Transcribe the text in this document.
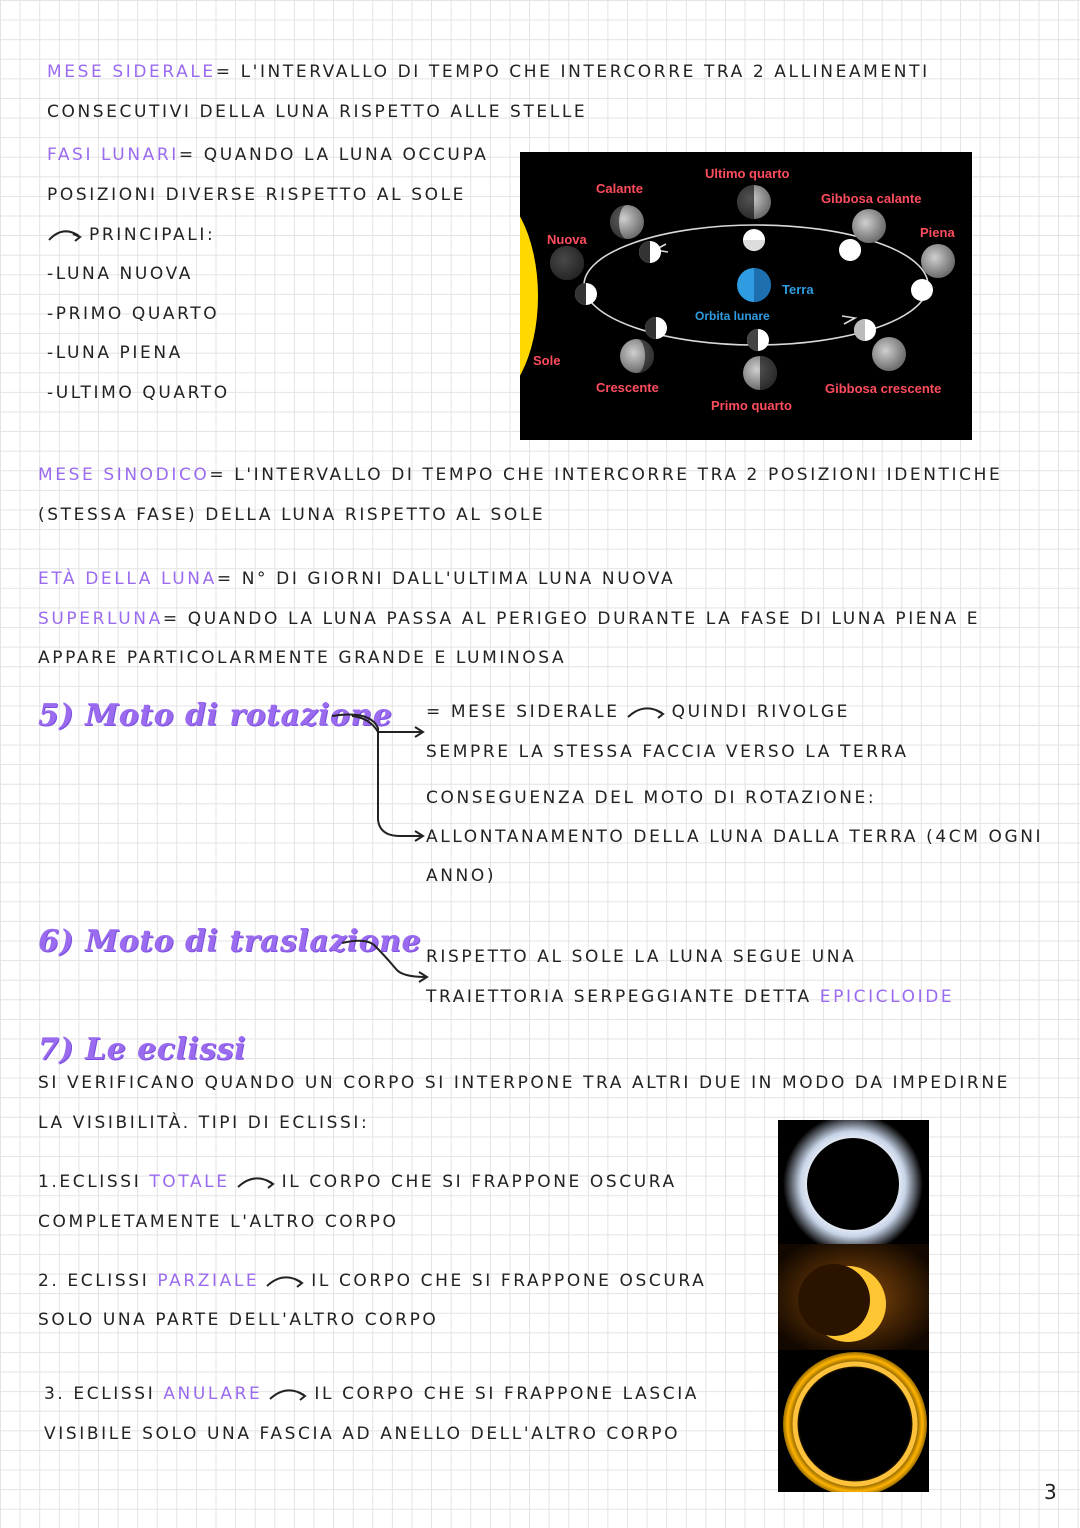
MESE SIDERALE= L'INTERVALLO DI TEMPO CHE INTERCORRE TRA 2 ALLINEAMENTI
CONSECUTIVI DELLA LUNA RISPETTO ALLE STELLE
FASI LUNARI= QUANDO LA LUNA OCCUPA
POSIZIONI DIVERSE RISPETTO AL SOLE
PRINCIPALI:
-LUNA NUOVA
-PRIMO QUARTO
-LUNA PIENA
-ULTIMO QUARTO
Ultimo quarto
Calante
Gibbosa calante
Nuova	Piena
Terra
Orbita lunare
Sole
Crescente	Gibbosa crescente
Primo quarto
MESE SINODICO= L'INTERVALLO DI TEMPO CHE INTERCORRE TRA 2 POSIZIONI IDENTICHE
(STESSA FASE) DELLA LUNA RISPETTO AL SOLE
ETÀ DELLA LUNA= N° DI GIORNI DALL'ULTIMA LUNA NUOVA
SUPERLUNA= QUANDO LA LUNA PASSA AL PERIGEO DURANTE LA FASE DI LUNA PIENA E
APPARE PARTICOLARMENTE GRANDE E LUMINOSA
5) Moto di rotazione = MESE SIDERALE	QUINDI RIVOLGE
SEMPRE LA STESSA FACCIA VERSO LA TERRA
CONSEGUENZA DEL MOTO DI ROTAZIONE:
ALLONTANAMENTO DELLA LUNA DALLA TERRA (4CM OGNI
ANNO)
6) Moto di traslazione RISPETTO AL SOLE LA LUNA SEGUE UNA
TRAIETTORIA SERPEGGIANTE DETTA EPICICLOIDE
7) Le eclissi
SI VERIFICANO QUANDO UN CORPO SI INTERPONE TRA ALTRI DUE IN MODO DA IMPEDIRNE
LA VISIBILITÀ. TIPI DI ECLISSI:
1.ECLISSI TOTALE	IL CORPO CHE SI FRAPPONE OSCURA
COMPLETAMENTE L'ALTRO CORPO
2. ECLISSI PARZIALE	IL CORPO CHE SI FRAPPONE OSCURA
SOLO UNA PARTE DELL'ALTRO CORPO
3. ECLISSI ANULARE	IL CORPO CHE SI FRAPPONE LASCIA
VISIBILE SOLO UNA FASCIA AD ANELLO DELL'ALTRO CORPO
3
